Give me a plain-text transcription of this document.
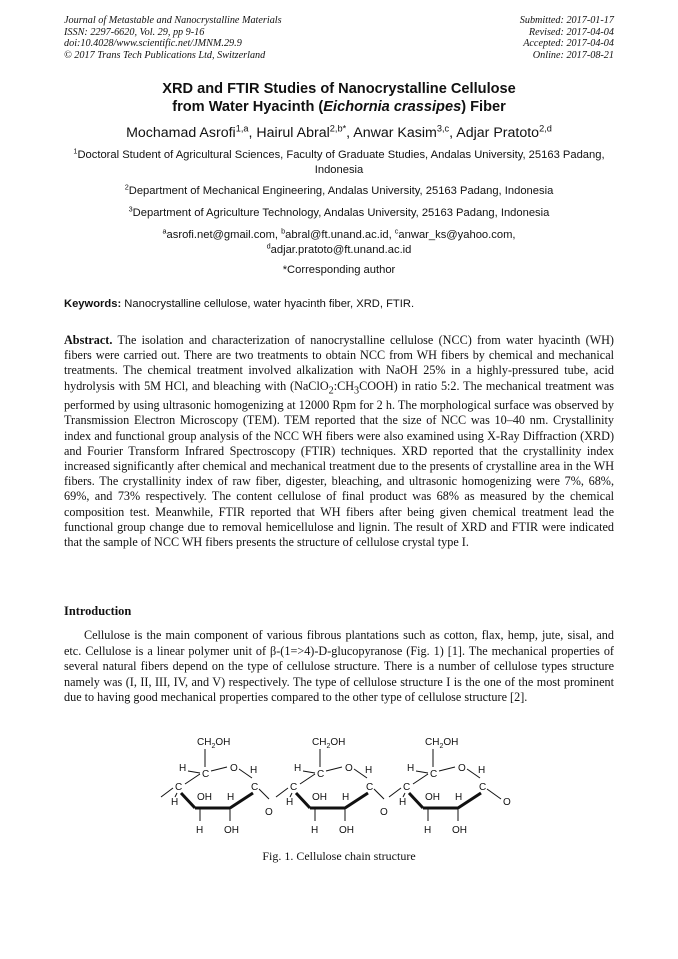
Journal of Metastable and Nanocrystalline Materials
ISSN: 2297-6620, Vol. 29, pp 9-16
doi:10.4028/www.scientific.net/JMNM.29.9
© 2017 Trans Tech Publications Ltd, Switzerland
Submitted: 2017-01-17
Revised: 2017-04-04
Accepted: 2017-04-04
Online: 2017-08-21
XRD and FTIR Studies of Nanocrystalline Cellulose
from Water Hyacinth (Eichornia crassipes) Fiber
Mochamad Asrofi$^{1,a}$, Hairul Abral$^{2,b*}$, Anwar Kasim$^{3,c}$, Adjar Pratoto$^{2,d}$
$^1$Doctoral Student of Agricultural Sciences, Faculty of Graduate Studies, Andalas University, 25163 Padang, Indonesia
$^2$Department of Mechanical Engineering, Andalas University, 25163 Padang, Indonesia
$^3$Department of Agriculture Technology, Andalas University, 25163 Padang, Indonesia
$^a$asrofi.net@gmail.com, $^b$abral@ft.unand.ac.id, $^c$anwar_ks@yahoo.com, $^d$adjar.pratoto@ft.unand.ac.id
*Corresponding author
Keywords: Nanocrystalline cellulose, water hyacinth fiber, XRD, FTIR.
Abstract. The isolation and characterization of nanocrystalline cellulose (NCC) from water hyacinth (WH) fibers were carried out. There are two treatments to obtain NCC from WH fibers by chemical and mechanical treatments. The chemical treatment involved alkalization with NaOH 25% in a highly-pressured tube, acid hydrolysis with 5M HCl, and bleaching with $(NaClO_2:CH_3COOH)$ in ratio 5:2. The mechanical treatment was performed by using ultrasonic homogenizing at 12000 Rpm for 2 h. The morphological surface was observed by Transmission Electron Microscopy (TEM). TEM reported that the size of NCC was 10–40 nm. Crystallinity index and functional group analysis of the NCC WH fibers were also examined using X-Ray Diffraction (XRD) and Fourier Transform Infrared Spectroscopy (FTIR) techniques. XRD reported that the crystallinity index increased significantly after chemical and mechanical treatment due to the presents of crystalline area in the WH fibers. The crystallinity index of raw fiber, digester, bleaching, and ultrasonic homogenizing were 7%, 68%, 69%, and 73% respectively. The content cellulose of final product was 68% as measured by the chemical composition test. Meanwhile, FTIR reported that WH fibers after being given chemical treatment lead the functional group change due to removal hemicellulose and lignin. The result of XRD and FTIR were indicated that the sample of NCC WH fibers presents the structure of cellulose crystal type I.
Introduction
Cellulose is the main component of various fibrous plantations such as cotton, flax, hemp, jute, sisal, and etc. Cellulose is a linear polymer unit of β-(1=>4)-D-glucopyranose (Fig. 1) [1]. The mechanical properties of several natural fibers depend on the type of cellulose structure. There is a number of cellulose types structure namely was (I, II, III, IV, and V) respectively. The type of cellulose structure I is the one of the most prominent due to having good mechanical properties compared to the other type of cellulose structure [2].
$CH_2OH$
C
O
C
C
H	H
OH H
H OH
H
O
$CH_2OH$
C
O
C
C
H	H
OH H
H OH
H
O
$CH_2OH$
C
O
C
C
H	H
OH H
H OH
H	O
Fig. 1. Cellulose chain structure
